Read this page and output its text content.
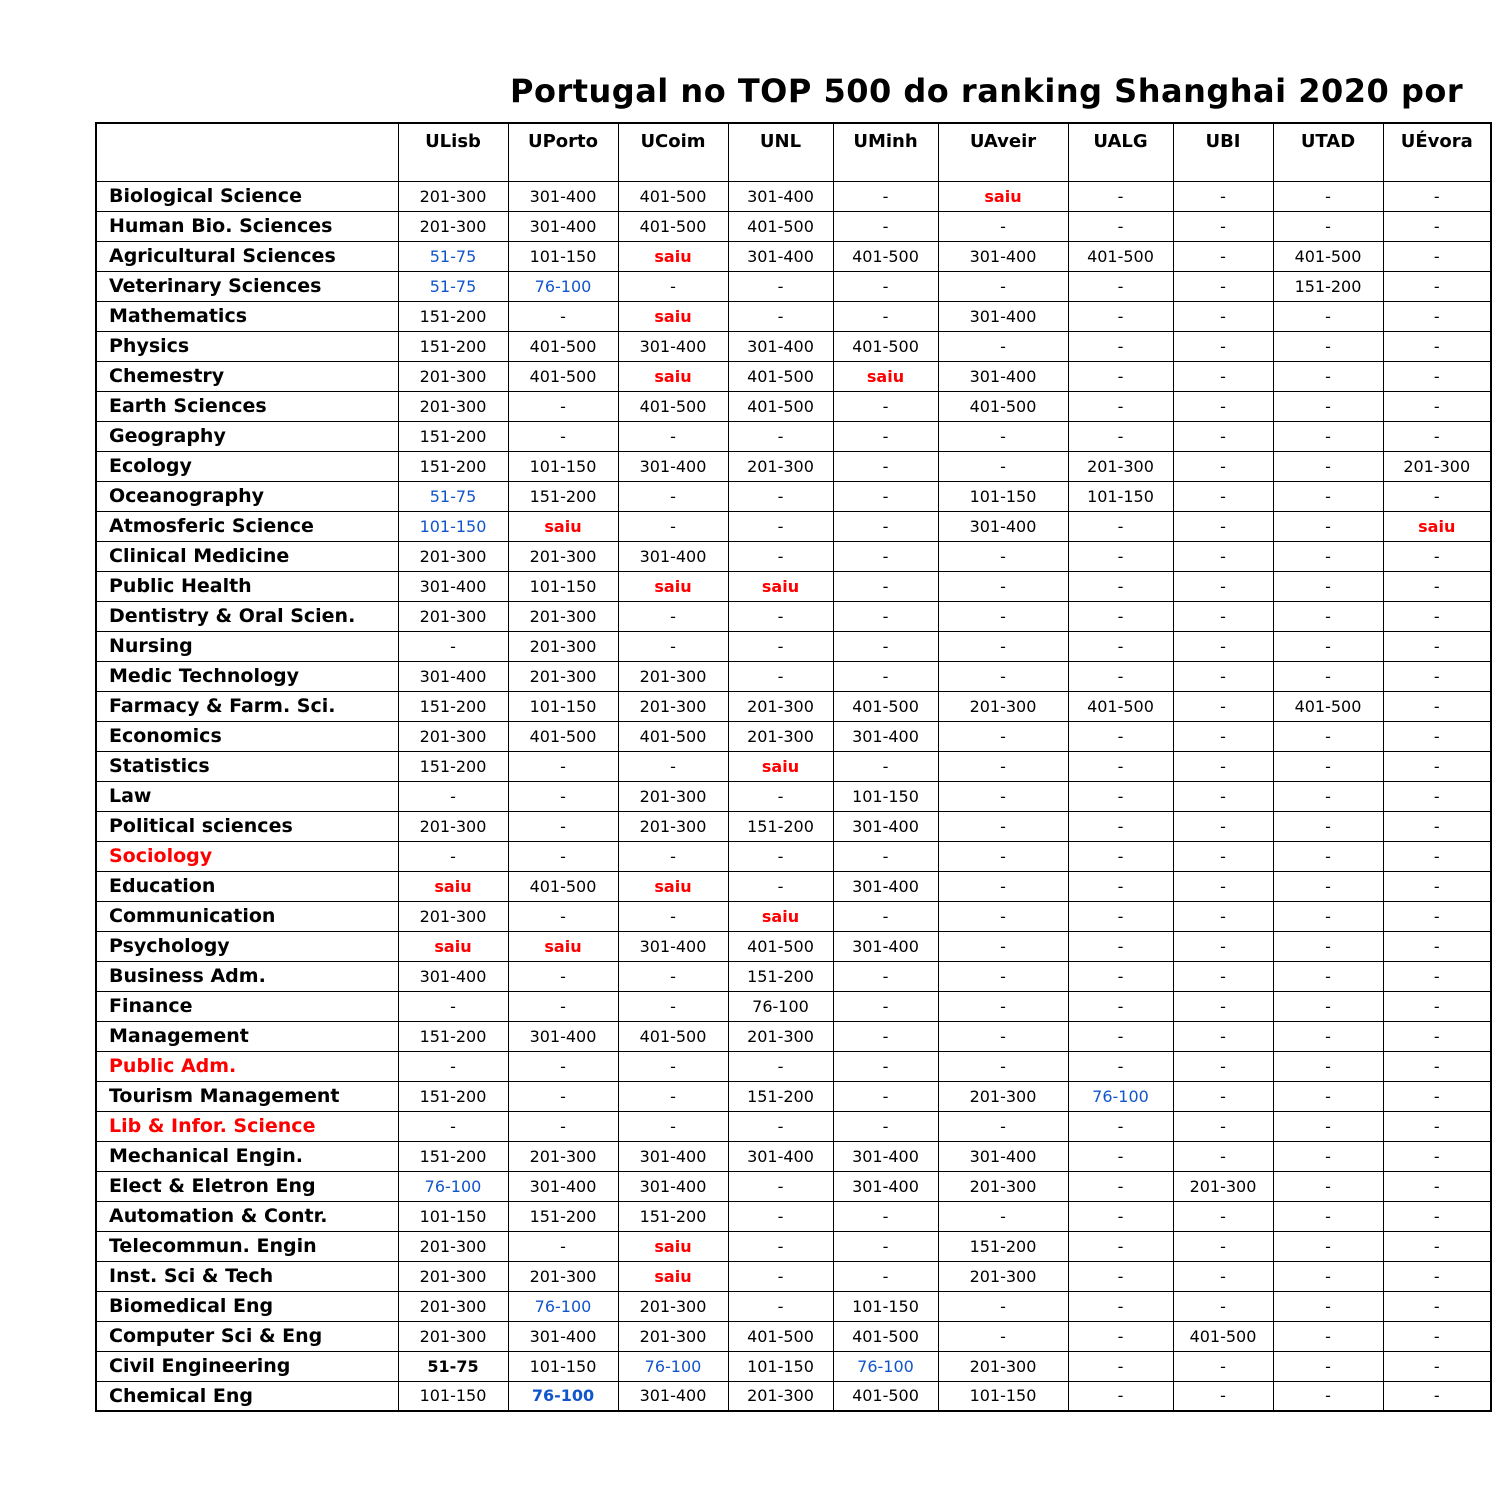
Portugal no TOP 500 do ranking Shanghai 2020 por
	ULisb	UPorto	UCoim	UNL	UMinh	UAveir	UALG	UBI	UTAD	UÉvora
Biological Science	201-300	301-400	401-500	301-400	-	saiu	-	-	-	-
Human Bio. Sciences	201-300	301-400	401-500	401-500	-	-	-	-	-	-
Agricultural Sciences	51-75	101-150	saiu	301-400	401-500	301-400	401-500	-	401-500	-
Veterinary Sciences	51-75	76-100	-	-	-	-	-	-	151-200	-
Mathematics	151-200	-	saiu	-	-	301-400	-	-	-	-
Physics	151-200	401-500	301-400	301-400	401-500	-	-	-	-	-
Chemestry	201-300	401-500	saiu	401-500	saiu	301-400	-	-	-	-
Earth Sciences	201-300	-	401-500	401-500	-	401-500	-	-	-	-
Geography	151-200	-	-	-	-	-	-	-	-	-
Ecology	151-200	101-150	301-400	201-300	-	-	201-300	-	-	201-300
Oceanography	51-75	151-200	-	-	-	101-150	101-150	-	-	-
Atmosferic Science	101-150	saiu	-	-	-	301-400	-	-	-	saiu
Clinical Medicine	201-300	201-300	301-400	-	-	-	-	-	-	-
Public Health	301-400	101-150	saiu	saiu	-	-	-	-	-	-
Dentistry & Oral Scien.	201-300	201-300	-	-	-	-	-	-	-	-
Nursing	-	201-300	-	-	-	-	-	-	-	-
Medic Technology	301-400	201-300	201-300	-	-	-	-	-	-	-
Farmacy & Farm. Sci.	151-200	101-150	201-300	201-300	401-500	201-300	401-500	-	401-500	-
Economics	201-300	401-500	401-500	201-300	301-400	-	-	-	-	-
Statistics	151-200	-	-	saiu	-	-	-	-	-	-
Law	-	-	201-300	-	101-150	-	-	-	-	-
Political sciences	201-300	-	201-300	151-200	301-400	-	-	-	-	-
Sociology	-	-	-	-	-	-	-	-	-	-
Education	saiu	401-500	saiu	-	301-400	-	-	-	-	-
Communication	201-300	-	-	saiu	-	-	-	-	-	-
Psychology	saiu	saiu	301-400	401-500	301-400	-	-	-	-	-
Business Adm.	301-400	-	-	151-200	-	-	-	-	-	-
Finance	-	-	-	76-100	-	-	-	-	-	-
Management	151-200	301-400	401-500	201-300	-	-	-	-	-	-
Public Adm.	-	-	-	-	-	-	-	-	-	-
Tourism Management	151-200	-	-	151-200	-	201-300	76-100	-	-	-
Lib & Infor. Science	-	-	-	-	-	-	-	-	-	-
Mechanical Engin.	151-200	201-300	301-400	301-400	301-400	301-400	-	-	-	-
Elect & Eletron Eng	76-100	301-400	301-400	-	301-400	201-300	-	201-300	-	-
Automation & Contr.	101-150	151-200	151-200	-	-	-	-	-	-	-
Telecommun. Engin	201-300	-	saiu	-	-	151-200	-	-	-	-
Inst. Sci & Tech	201-300	201-300	saiu	-	-	201-300	-	-	-	-
Biomedical Eng	201-300	76-100	201-300	-	101-150	-	-	-	-	-
Computer Sci & Eng	201-300	301-400	201-300	401-500	401-500	-	-	401-500	-	-
Civil Engineering	51-75	101-150	76-100	101-150	76-100	201-300	-	-	-	-
Chemical Eng	101-150	76-100	301-400	201-300	401-500	101-150	-	-	-	-
